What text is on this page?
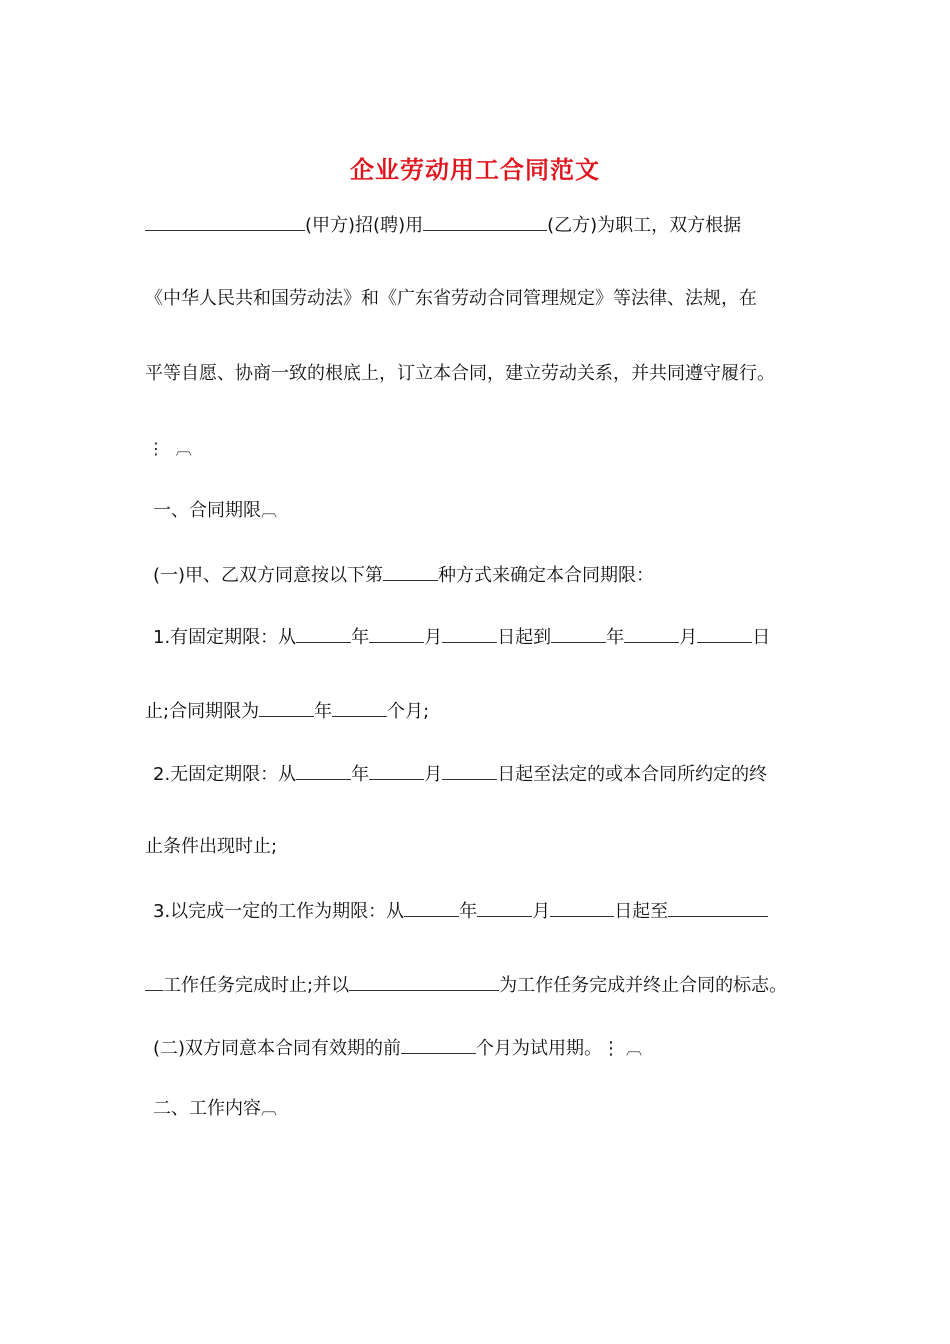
企业劳动用工合同范文
(甲方)招(聘)用	(乙方)为职工，双方根据
《中华人民共和国劳动法》和《广东省劳动合同管理规定》等法律、法规，在
平等自愿、协商一致的根底上，订立本合同，建立劳动关系，并共同遵守履行。
⋮ ︹
一、合同期限︹
(一)甲、乙双方同意按以下第	种方式来确定本合同期限：
1.有固定期限：从	年	月	日起到	年	月	日
止;合同期限为	年	个月;
2.无固定期限：从	年	月	日起至法定的或本合同所约定的终
止条件出现时止;
3.以完成一定的工作为期限：从	年	月	日起至
工作任务完成时止;并以	为工作任务完成并终止合同的标志。
(二)双方同意本合同有效期的前	个月为试用期。⋮ ︹
二、工作内容︹
